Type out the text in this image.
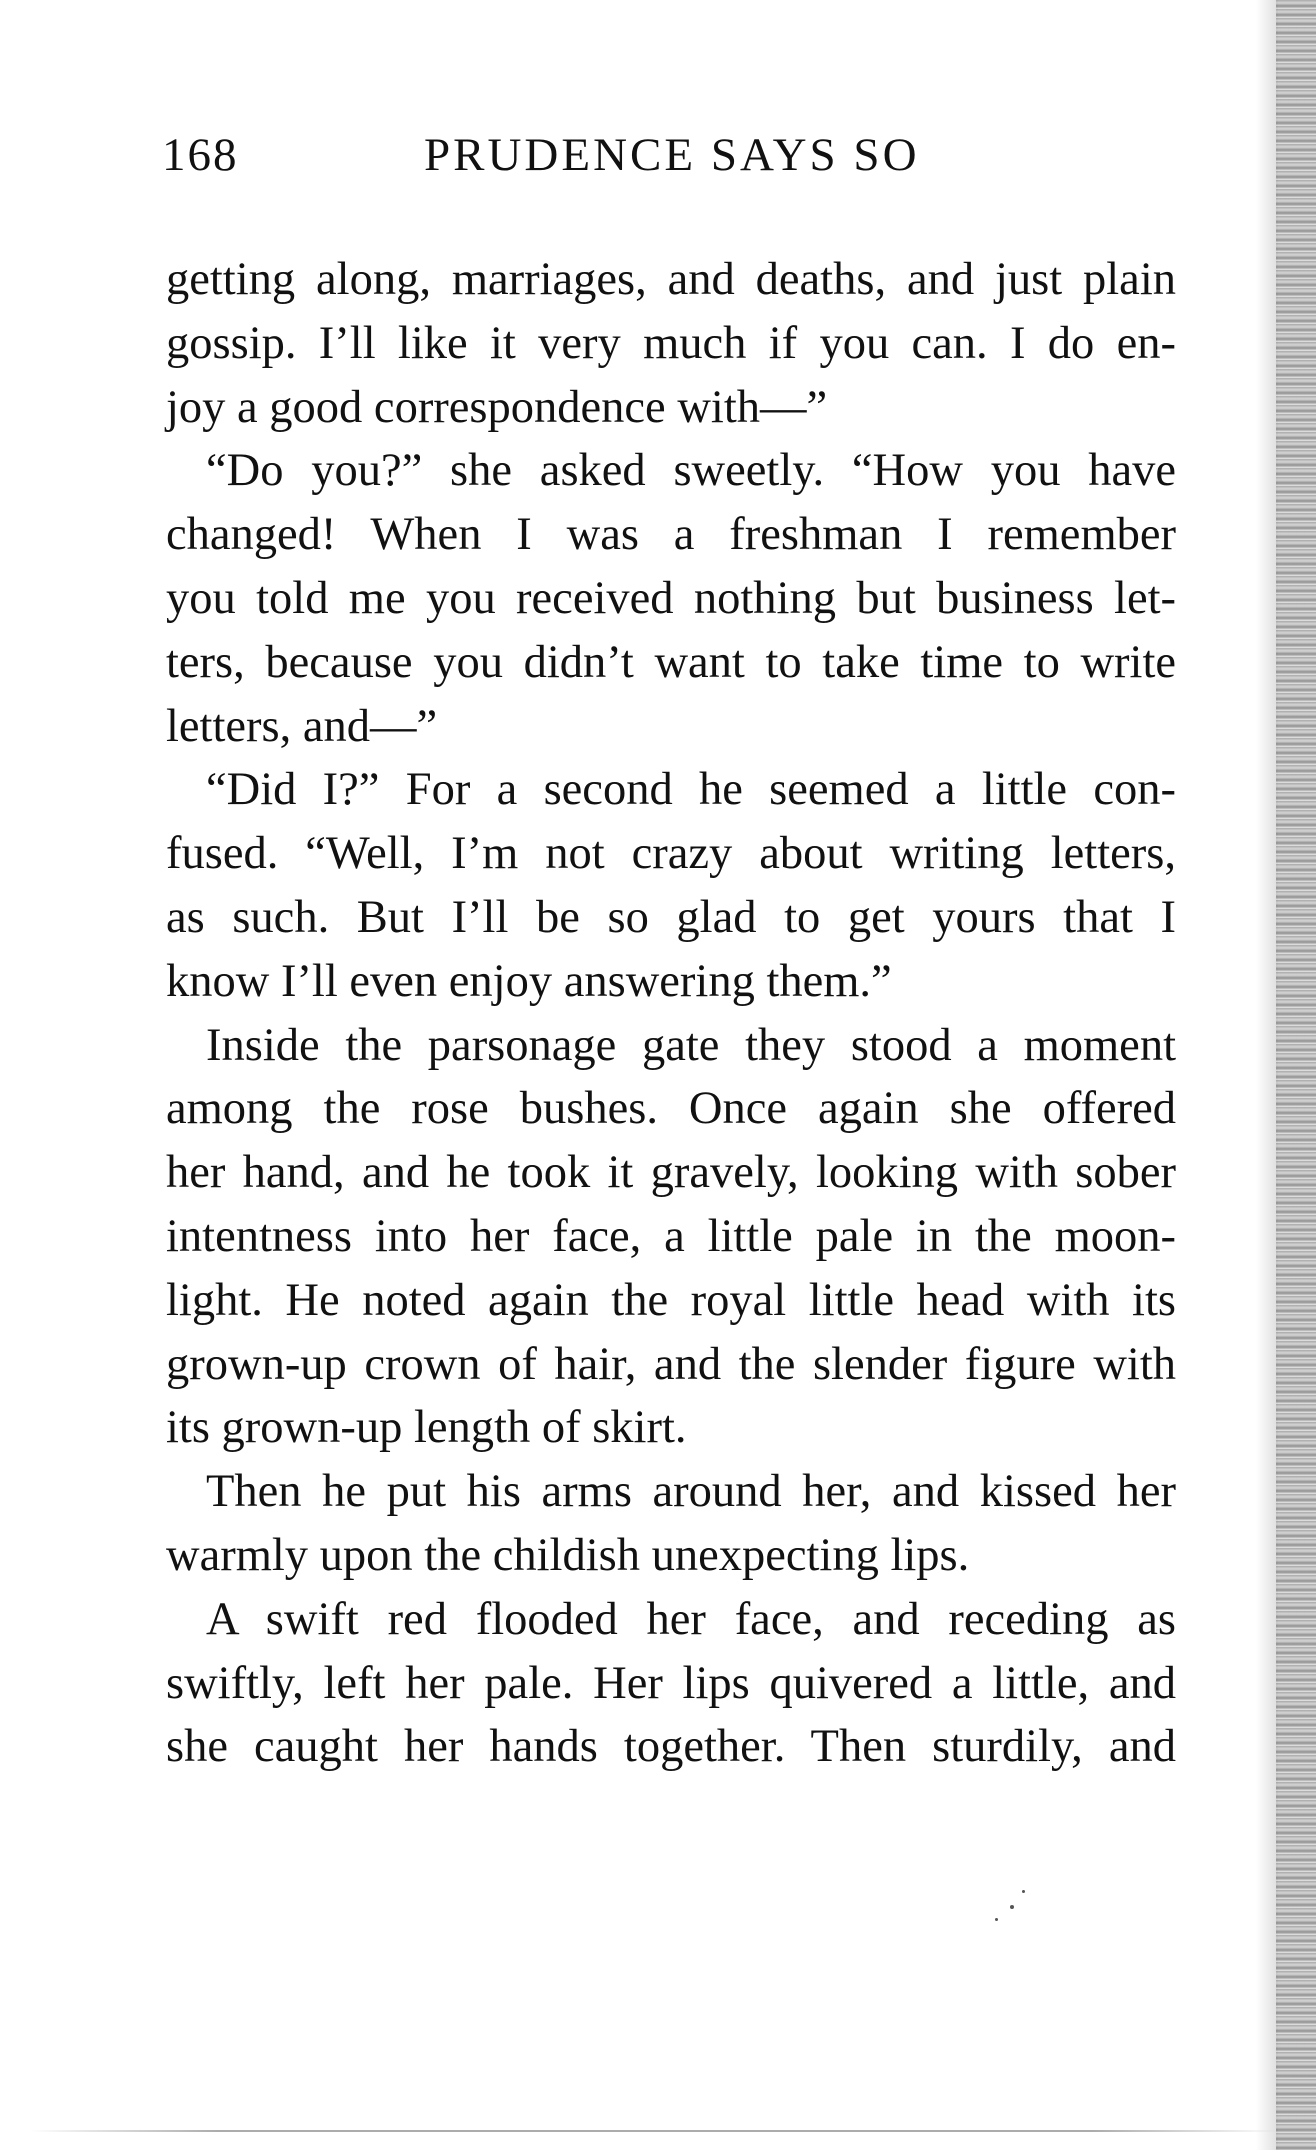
168	PRUDENCE SAYS SO

getting along, marriages, and deaths, and just plain

gossip. I’ll like it very much if you can. I do en-

joy a good correspondence with—”

“Do you?” she asked sweetly. “How you have

changed! When I was a freshman I remember

you told me you received nothing but business let-

ters, because you didn’t want to take time to write

letters, and—”

“Did I?” For a second he seemed a little con-

fused. “Well, I’m not crazy about writing letters,

as such. But I’ll be so glad to get yours that I

know I’ll even enjoy answering them.”

Inside the parsonage gate they stood a moment

among the rose bushes. Once again she offered

her hand, and he took it gravely, looking with sober

intentness into her face, a little pale in the moon-

light. He noted again the royal little head with its

grown-up crown of hair, and the slender figure with

its grown-up length of skirt.

Then he put his arms around her, and kissed her

warmly upon the childish unexpecting lips.

A swift red flooded her face, and receding as

swiftly, left her pale. Her lips quivered a little, and

she caught her hands together. Then sturdily, and
